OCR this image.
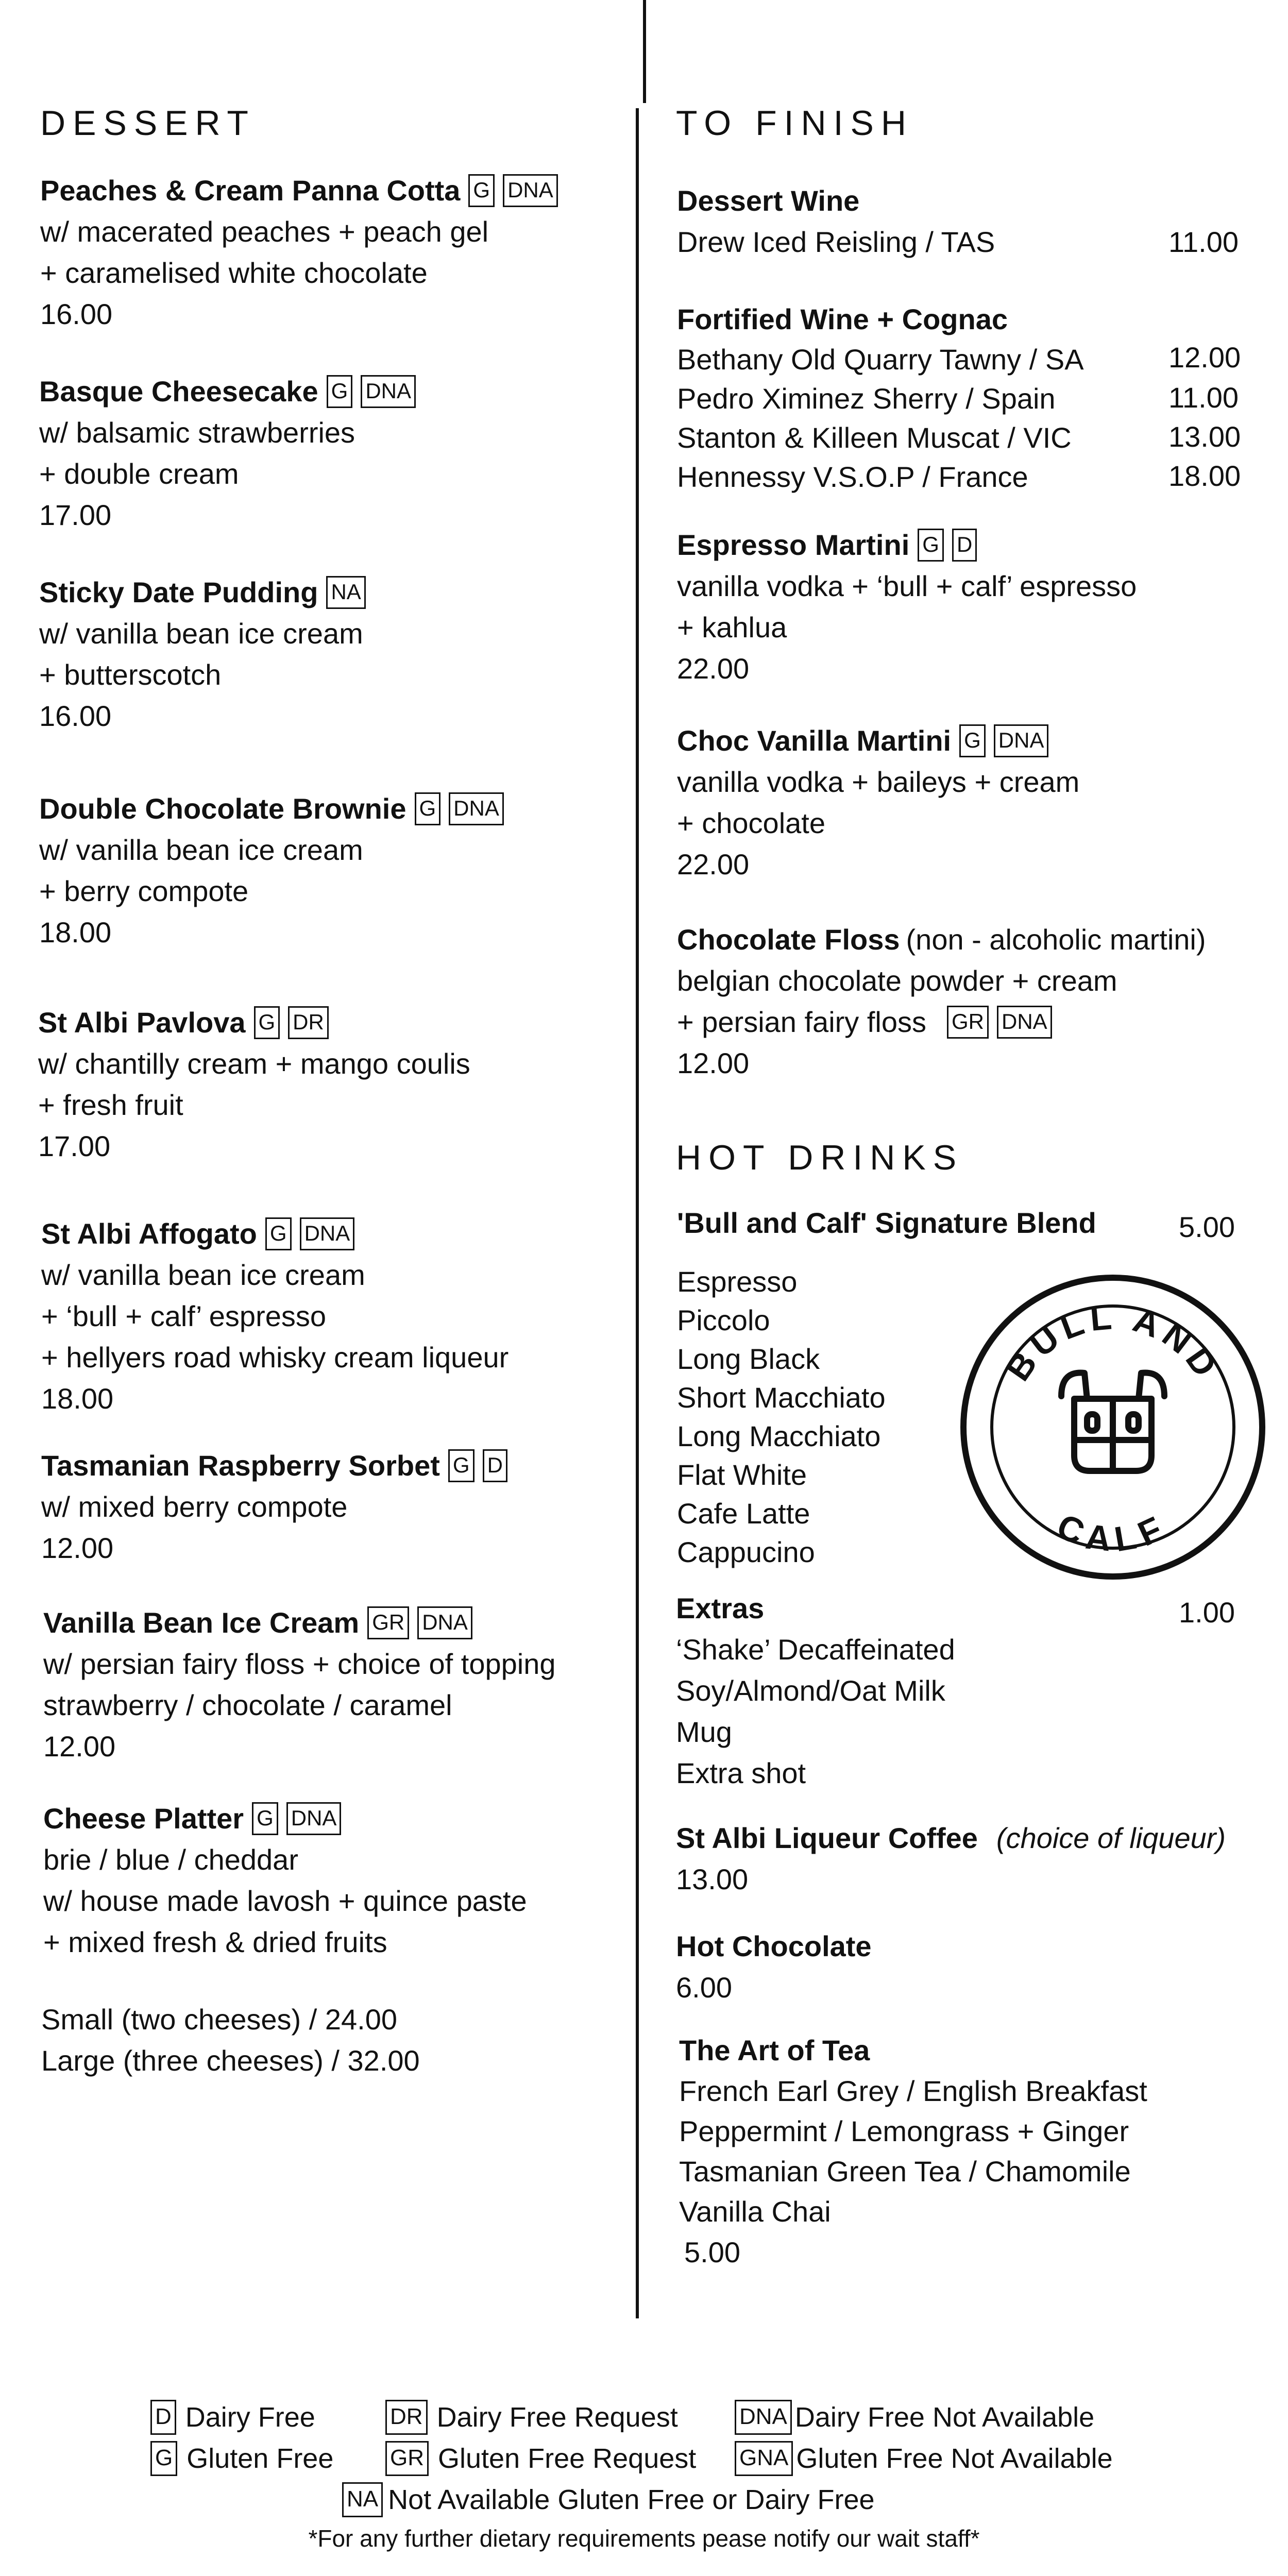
DESSERT
Peaches & Cream Panna Cotta G DNA
w/ macerated peaches + peach gel
+ caramelised white chocolate
16.00
Basque Cheesecake G DNA
w/ balsamic strawberries
+ double cream
17.00
Sticky Date Pudding NA
w/ vanilla bean ice cream
+ butterscotch
16.00
Double Chocolate Brownie G DNA
w/ vanilla bean ice cream
+ berry compote
18.00
St Albi Pavlova G DR
w/ chantilly cream + mango coulis
+ fresh fruit
17.00
St Albi Affogato G DNA
w/ vanilla bean ice cream
+ ‘bull + calf’ espresso
+ hellyers road whisky cream liqueur
18.00
Tasmanian Raspberry Sorbet G D
w/ mixed berry compote
12.00
Vanilla Bean Ice Cream GR DNA
w/ persian fairy floss + choice of topping
strawberry / chocolate / caramel
12.00
Cheese Platter G DNA
brie / blue / cheddar
w/ house made lavosh + quince paste
+ mixed fresh & dried fruits
Small (two cheeses) / 24.00
Large (three cheeses) / 32.00
TO FINISH
Dessert Wine
Drew Iced Reisling / TAS	11.00
Fortified Wine + Cognac
Bethany Old Quarry Tawny / SA	12.00
Pedro Ximinez Sherry / Spain	11.00
Stanton & Killeen Muscat / VIC	13.00
Hennessy V.S.O.P / France	18.00
Espresso Martini G D
vanilla vodka + ‘bull + calf’ espresso
+ kahlua
22.00
Choc Vanilla Martini G DNA
vanilla vodka + baileys + cream
+ chocolate
22.00
Chocolate Floss (non - alcoholic martini)
belgian chocolate powder + cream
+ persian fairy floss GR DNA
12.00
HOT DRINKS
'Bull and Calf' Signature Blend	5.00
Espresso
Piccolo
Long Black
Short Macchiato
Long Macchiato
Flat White
Cafe Latte
Cappucino
BULL AND
CALF
Extras	1.00
‘Shake’ Decaffeinated
Soy/Almond/Oat Milk
Mug
Extra shot
St Albi Liqueur Coffee (choice of liqueur)
13.00
Hot Chocolate
6.00
The Art of Tea
French Earl Grey / English Breakfast
Peppermint / Lemongrass + Ginger
Tasmanian Green Tea / Chamomile
Vanilla Chai
5.00
D Dairy Free	DR Dairy Free Request	DNA Dairy Free Not Available
G Gluten Free GR Gluten Free Request GNA Gluten Free Not Available
NA Not Available Gluten Free or Dairy Free
*For any further dietary requirements pease notify our wait staff*
